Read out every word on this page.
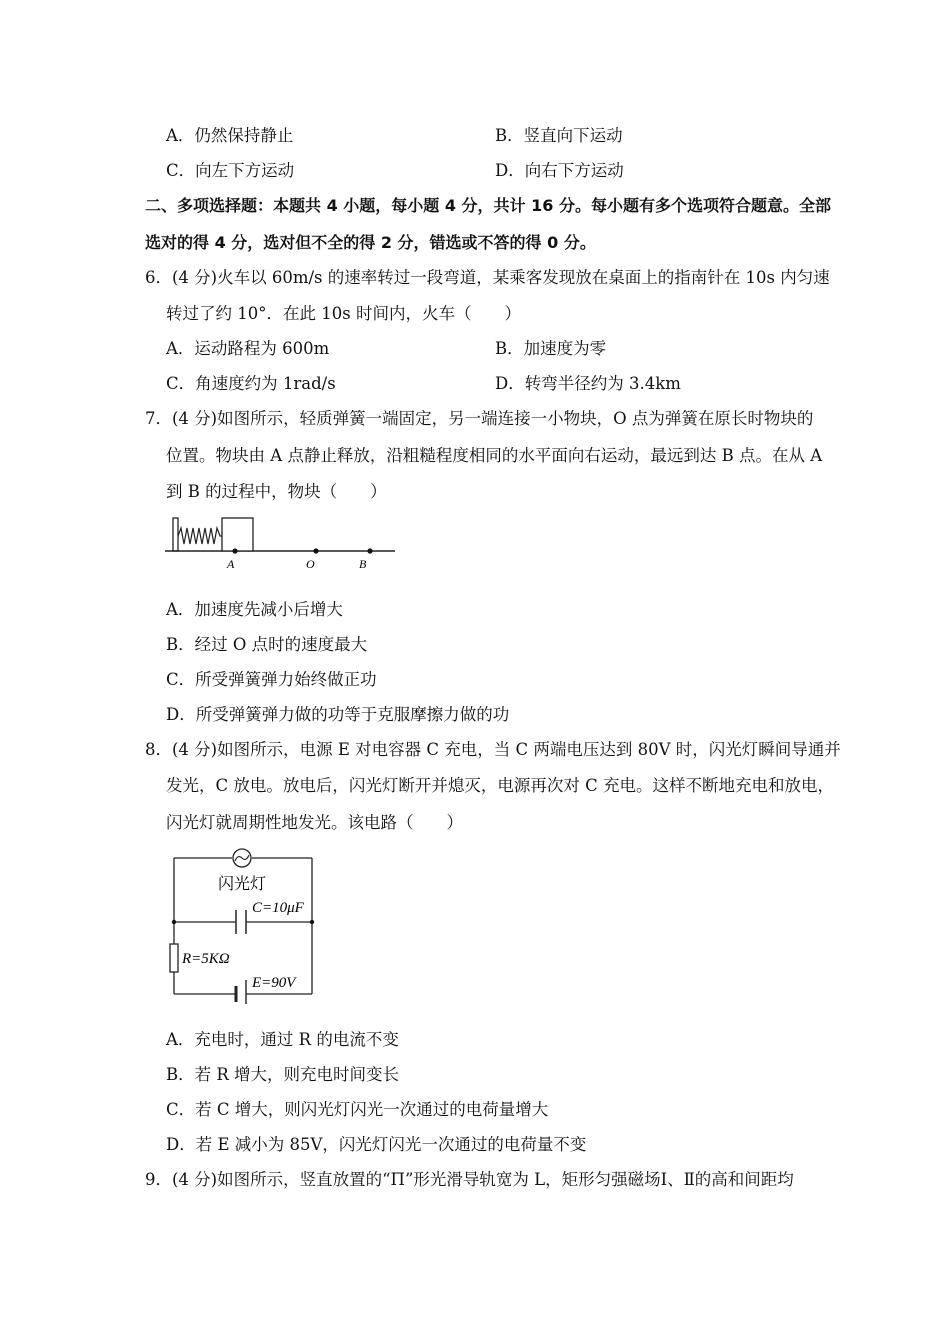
A．仍然保持静止	B．竖直向下运动
C．向左下方运动	D．向右下方运动
二、多项选择题：本题共 4 小题，每小题 4 分，共计 16 分。每小题有多个选项符合题意。全部
选对的得 4 分，选对但不全的得 2 分，错选或不答的得 0 分。
6．(4 分)火车以 60m/s 的速率转过一段弯道，某乘客发现放在桌面上的指南针在 10s 内匀速
转过了约 10°．在此 10s 时间内，火车（　　）
A．运动路程为 600m	B．加速度为零
C．角速度约为 1rad/s	D．转弯半径约为 3.4km
7．(4 分)如图所示，轻质弹簧一端固定，另一端连接一小物块，O 点为弹簧在原长时物块的
位置。物块由 A 点静止释放，沿粗糙程度相同的水平面向右运动，最远到达 B 点。在从 A
到 B 的过程中，物块（　　）
A	O	B
A．加速度先减小后增大
B．经过 O 点时的速度最大
C．所受弹簧弹力始终做正功
D．所受弹簧弹力做的功等于克服摩擦力做的功
8．(4 分)如图所示，电源 E 对电容器 C 充电，当 C 两端电压达到 80V 时，闪光灯瞬间导通并
发光，C 放电。放电后，闪光灯断开并熄灭，电源再次对 C 充电。这样不断地充电和放电，
闪光灯就周期性地发光。该电路（　　）
闪光灯
C=10μF
R=5KΩ
E=90V
A．充电时，通过 R 的电流不变
B．若 R 增大，则充电时间变长
C．若 C 增大，则闪光灯闪光一次通过的电荷量增大
D．若 E 减小为 85V，闪光灯闪光一次通过的电荷量不变
9．(4 分)如图所示，竖直放置的“Π”形光滑导轨宽为 L，矩形匀强磁场Ⅰ、Ⅱ的高和间距均
